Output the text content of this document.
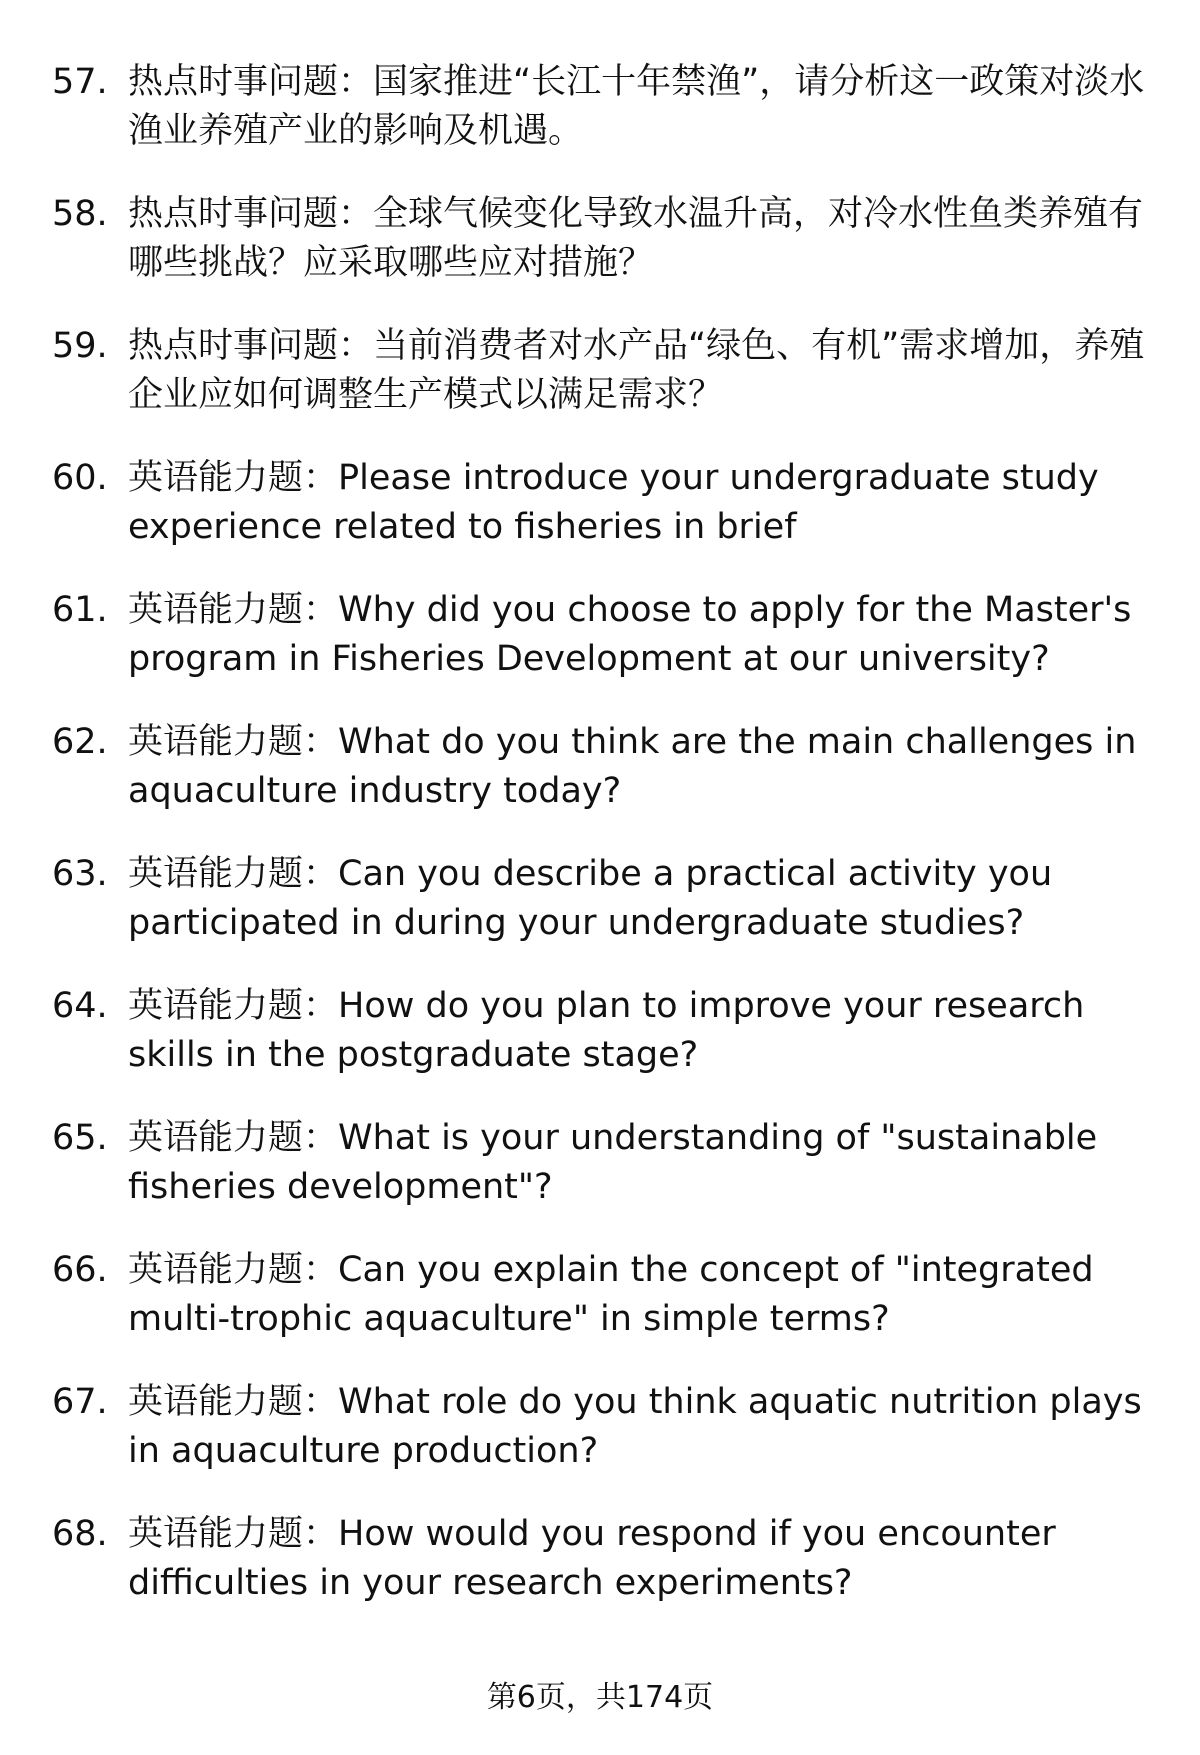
57. 热点时事问题：国家推进“长江十年禁渔”，请分析这一政策对淡水渔业养殖产业的影响及机遇。
58. 热点时事问题：全球气候变化导致水温升高，对冷水性鱼类养殖有哪些挑战？应采取哪些应对措施？
59. 热点时事问题：当前消费者对水产品“绿色、有机”需求增加，养殖企业应如何调整生产模式以满足需求？
60. 英语能力题：Please introduce your undergraduate study experience related to fisheries in brief
61. 英语能力题：Why did you choose to apply for the Master's program in Fisheries Development at our university?
62. 英语能力题：What do you think are the main challenges in aquaculture industry today?
63. 英语能力题：Can you describe a practical activity you participated in during your undergraduate studies?
64. 英语能力题：How do you plan to improve your research skills in the postgraduate stage?
65. 英语能力题：What is your understanding of "sustainable fisheries development"?
66. 英语能力题：Can you explain the concept of "integrated multi-trophic aquaculture" in simple terms?
67. 英语能力题：What role do you think aquatic nutrition plays in aquaculture production?
68. 英语能力题：How would you respond if you encounter difficulties in your research experiments?
第6页，共174页
